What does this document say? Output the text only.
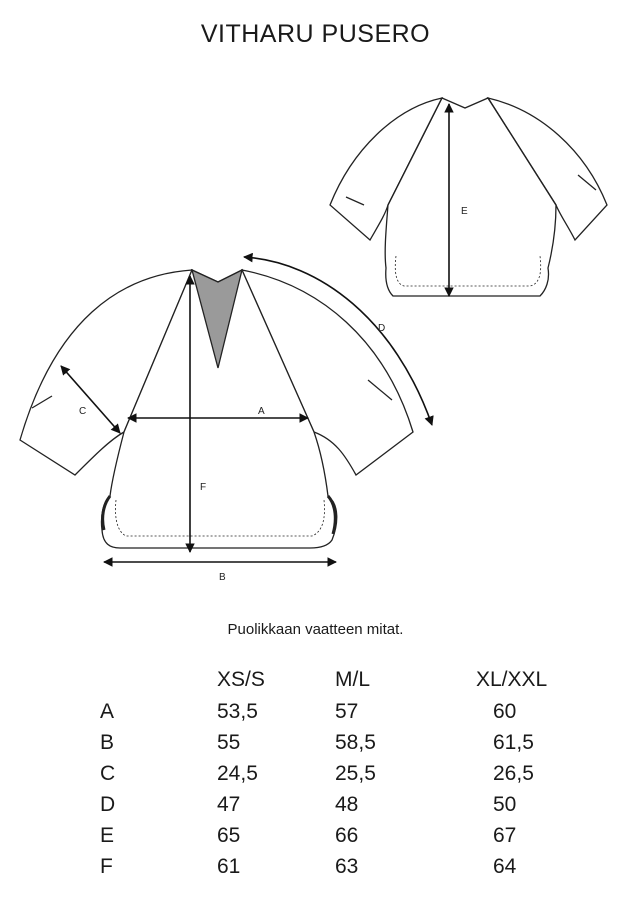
VITHARU PUSERO
E
A
F
B
C
D
Puolikkaan vaatteen mitat.
XS/S	M/L	XL/XXL
A	53,5	57	60
B	55	58,5	61,5
C	24,5	25,5	26,5
D	47	48	50
E	65	66	67
F	61	63	64
